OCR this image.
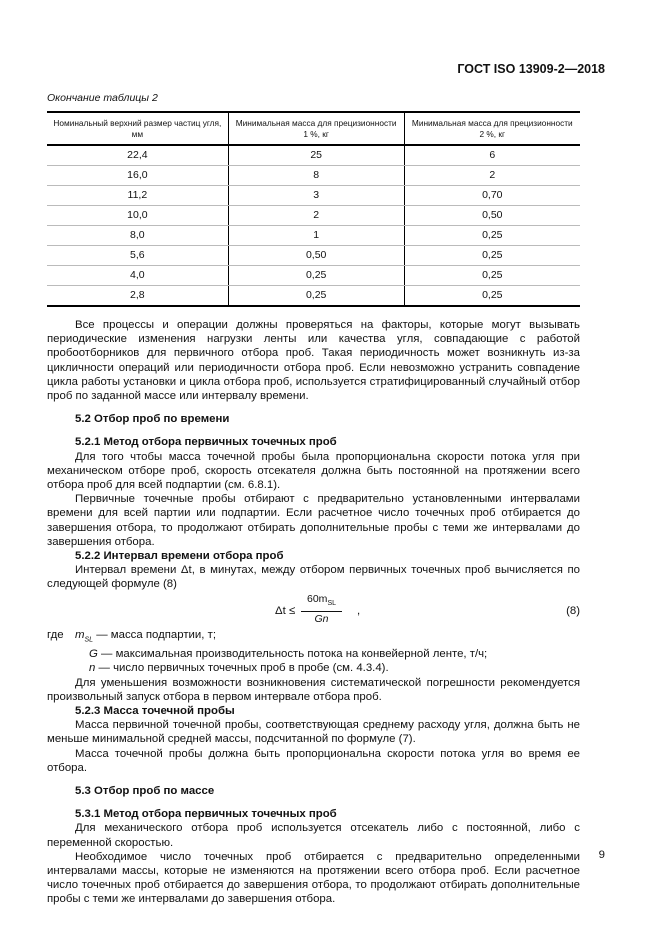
ГОСТ ISO 13909-2—2018
Окончание таблицы 2
Номинальный верхний размер частиц угля, мм	Минимальная масса для прецизионности 1 %, кг	Минимальная масса для прецизионности 2 %, кг
22,4	25	6
16,0	8	2
11,2	3	0,70
10,0	2	0,50
8,0	1	0,25
5,6	0,50	0,25
4,0	0,25	0,25
2,8	0,25	0,25

Все процессы и операции должны проверяться на факторы, которые могут вызывать периодические изменения нагрузки ленты или качества угля, совпадающие с работой пробоотборников для первичного отбора проб. Такая периодичность может возникнуть из-за цикличности операций или периодичности отбора проб. Если невозможно устранить совпадение цикла работы установки и цикла отбора проб, используется стратифицированный случайный отбор проб по заданной массе или интервалу времени.

5.2 Отбор проб по времени
5.2.1 Метод отбора первичных точечных проб

Для того чтобы масса точечной пробы была пропорциональна скорости потока угля при механическом отборе проб, скорость отсекателя должна быть постоянной на протяжении всего отбора проб для всей подпартии (см. 6.8.1).

Первичные точечные пробы отбирают с предварительно установленными интервалами времени для всей партии или подпартии. Если расчетное число точечных проб отбирается до завершения отбора, то продолжают отбирать дополнительные пробы с теми же интервалами до завершения отбора.

5.2.2 Интервал времени отбора проб

Интервал времени Δt, в минутах, между отбором первичных точечных проб вычисляется по следующей формуле (8)

Δt ≤
$60m_{SL}$
Gn
,	(8)
где $m_{SL}$ — масса подпартии, т;
G — максимальная производительность потока на конвейерной ленте, т/ч;
n — число первичных точечных проб в пробе (см. 4.3.4).

Для уменьшения возможности возникновения систематической погрешности рекомендуется произвольный запуск отбора в первом интервале отбора проб.

5.2.3 Масса точечной пробы

Масса первичной точечной пробы, соответствующая среднему расходу угля, должна быть не меньше минимальной средней массы, подсчитанной по формуле (7).

Масса точечной пробы должна быть пропорциональна скорости потока угля во время ее отбора.

5.3 Отбор проб по массе
5.3.1 Метод отбора первичных точечных проб

Для механического отбора проб используется отсекатель либо с постоянной, либо с переменной скоростью.

Необходимое число точечных проб отбирается с предварительно определенными интервалами массы, которые не изменяются на протяжении всего отбора проб. Если расчетное число точечных проб отбирается до завершения отбора, то продолжают отбирать дополнительные пробы с теми же интервалами до завершения отбора.

9
